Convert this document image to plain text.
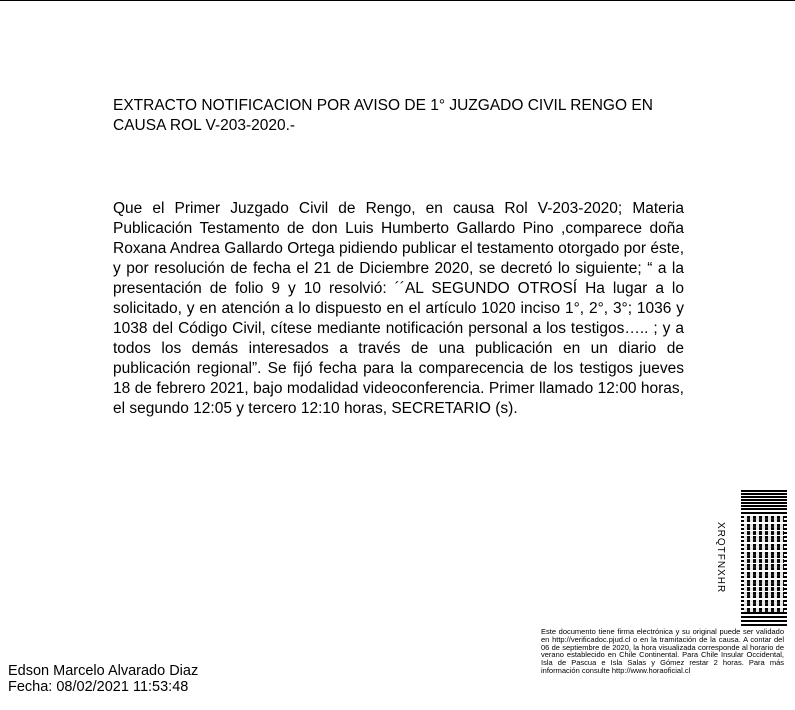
EXTRACTO NOTIFICACION POR AVISO DE 1° JUZGADO CIVIL RENGO EN CAUSA ROL V-203-2020.-

Que el Primer Juzgado Civil de Rengo, en causa Rol V-203-2020; Materia Publicación Testamento de don Luis Humberto Gallardo Pino ,comparece doña Roxana Andrea Gallardo Ortega pidiendo publicar el testamento otorgado por éste, y por resolución de fecha el 21 de Diciembre 2020, se decretó lo siguiente; “ a la presentación de folio 9 y 10 resolvió: ´´AL SEGUNDO OTROSÍ Ha lugar a lo solicitado, y en atención a lo dispuesto en el artículo 1020 inciso 1°, 2°, 3°; 1036 y 1038 del Código Civil, cítese mediante notificación personal a los testigos….. ; y a todos los demás interesados a través de una publicación en un diario de publicación regional”. Se fijó fecha para la comparecencia de los testigos jueves 18 de febrero 2021, bajo modalidad videoconferencia. Primer llamado 12:00 horas, el segundo 12:05 y tercero 12:10 horas, SECRETARIO (s).

XRQTFNXHR

Este documento tiene firma electrónica y su original puede ser validado en http://verificadoc.pjud.cl o en la tramitación de la causa. A contar del 06 de septiembre de 2020, la hora visualizada corresponde al horario de verano establecido en Chile Continental. Para Chile Insular Occidental, Isla de Pascua e Isla Salas y Gómez restar 2 horas. Para más información consulte http://www.horaoficial.cl

Edson Marcelo Alvarado Diaz
Fecha: 08/02/2021 11:53:48
